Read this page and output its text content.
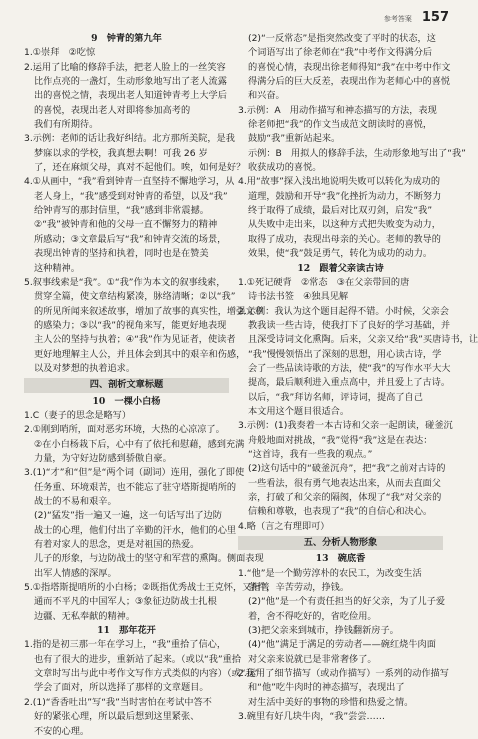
参考答案 157
9　钟青的第九年
1.①崇拜　②吃惊
2.运用了比喻的修辞手法，把老人脸上的一丝笑容
比作点亮的一盏灯，生动形象地写出了老人流露
出的喜悦之情，表现出老人知道钟青考上大学后
的喜悦，表现出老人对即将参加高考的
我们有所期待。
3.示例：老师的话让我好纠结。北方那所美院，是我
梦寐以求的学校，我真想去啊！可我 26 岁
了，还在麻烦父母，真对不起他们。唉，如何是好？
4.①从画中，“我”看到钟青一直坚持不懈地学习，从
老人身上，“我”感受到对钟青的希望，以及“我”
给钟青写的那封信里，“我”感到非常震撼。
②“我”被钟青和他的父母一直不懈努力的精神
所感动；③文章最后写“我”和钟青交流的场景，
表现出钟青的坚持和执着，同时也是在赞美
这种精神。
5.叙事线索是“我”。①“我”作为本文的叙事线索，
贯穿全篇，使文章结构紧凑，脉络清晰；②以“我”
的所见所闻来叙述故事，增加了故事的真实性，增强文章
的感染力；③以“我”的视角来写，能更好地表现
主人公的坚持与执着；④“我”作为见证者，使读者
更好地理解主人公，并且体会到其中的艰辛和伤感，
以及对梦想的执着追求。
四、剖析文章标题
10　一棵小白杨
1.C（妻子的思念是略写）
2.①刚到哨所，面对恶劣环境，大热的心凉凉了。
②在小白杨栽下后，心中有了依托和慰藉，感到充满
力量，为守好边防感到骄傲自豪。
3.(1)“才”和“但”是“两个词（副词）连用，强化了即使
任务重、环境艰苦，也不能忘了驻守塔斯提哨所的
战士的不易和艰辛。
(2)“猛发”指一遍又一遍，这一句话写出了边防
战士的心理，他们付出了辛勤的汗水，他们的心里
有着对家人的思念，更是对祖国的热爱。
儿子的形象，与边防战士的坚守和军营的熏陶。侧面表现
出军人情感的深厚。
5.①指塔斯提哨所的小白杨；②既指优秀战士王克怀，又指普
通而不平凡的中国军人；③象征边防战士扎根
边疆、无私奉献的精神。
11　那年花开
1.指的是初三那一年在学习上，“我”重拾了信心，
也有了很大的进步，重新站了起来。（或以“我”重拾
文章时写出与此中考作文写作方式类似的内容）（或“我”
学会了面对，所以选择了那样的文章题目。
2.(1)“香香吐出”写“我”当时害怕在考试中答不
好的紧张心理，所以最后想到这里紧张、
不安的心理。
(2)“一反常态”是指突然改变了平时的状态，这
个词语写出了徐老师在“我”中考作文得满分后
的喜悦心情，表现出徐老师得知“我”在中考中作文
得满分后的巨大反差，表现出作为老师心中的喜悦
和兴奋。
3.示例：A　用动作描写和神态描写的方法，表现
徐老师把“我”的作文当成范文朗读时的喜悦，
鼓励“我”重新站起来。
示例：B　用拟人的修辞手法，生动形象地写出了“我”
收获成功的喜悦。
4.用“故事”探入浅出地说明失败可以转化为成功的
道理，鼓励和开导“我”化挫折为动力，不断努力
终于取得了成绩，最后对比双刃剑，启发“我”
从失败中走出来，以这种方式把失败变为动力，
取得了成功，表现出母亲的关心。老师的教导的
效果，使“我”鼓足勇气，转化为成功的动力。
12　跟着父亲读古诗
1.①死记硬背　②常态　③在父亲带回的唐
诗书法书签　④独具见解
2.示例：我认为这个题目起得不错。小时候，父亲会
教我读一些古诗，使我打下了良好的学习基础，并
且深受诗词文化熏陶。后来，父亲又给“我”买唐诗书，让
“我”慢慢领悟出了深刻的思想，用心读古诗，学
会了一些品读诗歌的方法，使“我”的写作水平大大
提高，最后顺利进入重点高中，并且爱上了古诗。
以后，“我”拜访名师，评诗词，提高了自己
本文用这个题目很适合。
3.示例：(1)我奏着一本古诗和父亲一起朗读，碰釜沉
舟般地面对挑战，“我”觉得“我”这是在表达：
“这首诗，我有一些我的观点。”
(2)这句话中的“破釜沉舟”，把“我”之前对古诗的
一些看法，很有勇气地表达出来，从而去直面父
亲，打破了和父亲的隔阂，体现了“我”对父亲的
信赖和尊敬，也表现了“我”的自信心和决心。
4.略（言之有理即可）
五、分析人物形象
13　碗底香
1.“他”是一个勤劳淳朴的农民工，为改变生活
条件，辛苦劳动，挣钱。
(2)“他”是一个有责任担当的好父亲，为了儿子爱
着，舍不得吃好的，省吃俭用。
(3)把父亲来到城市，挣钱翻新房子。
(4)“他”满足于满足的劳动者——碗红烧牛肉面
对父亲来说就已是非常奢侈了。
2.运用了细节描写（或动作描写）一系列的动作描写
和“他”吃牛肉时的神态描写，表现出了
对生活中美好的事物的珍惜和热爱之情。
3.碗里有好几块牛肉，“我”尝尝……
